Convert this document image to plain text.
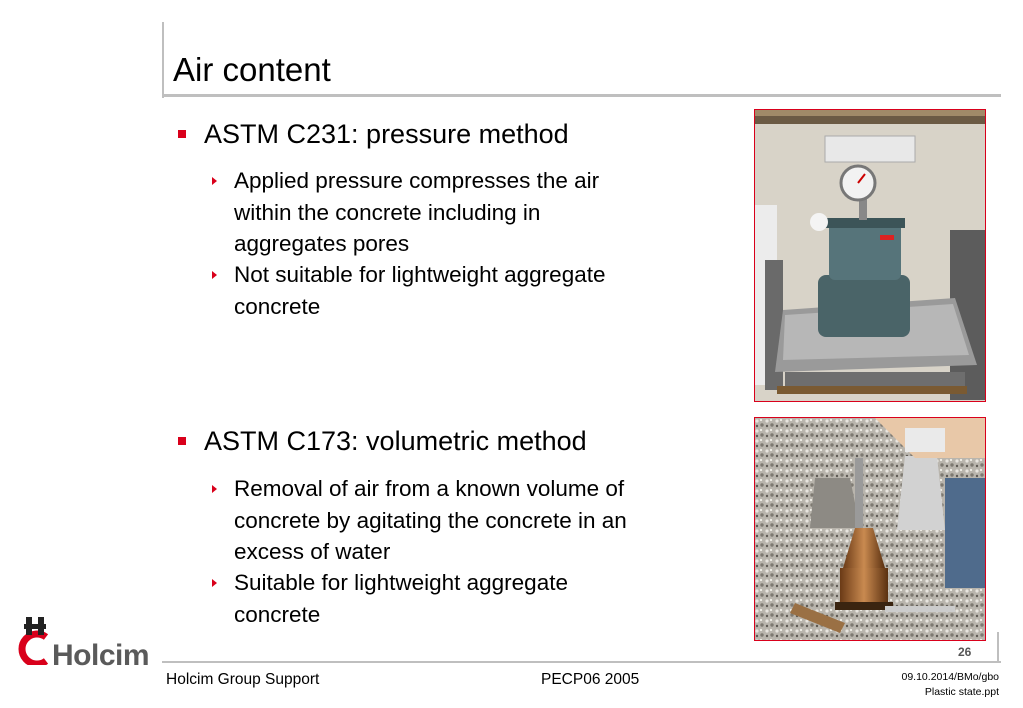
Air content
ASTM C231: pressure method
Applied pressure compresses the air
within the concrete including in
aggregates pores
Not suitable for lightweight aggregate
concrete
ASTM C173: volumetric method
Removal of air from a known volume of
concrete by agitating the concrete in an
excess of water
Suitable for lightweight aggregate
concrete
26
Holcim Group Support	PECP06 2005	09.10.2014/BMo/gbo
Plastic state.ppt
Holcim
